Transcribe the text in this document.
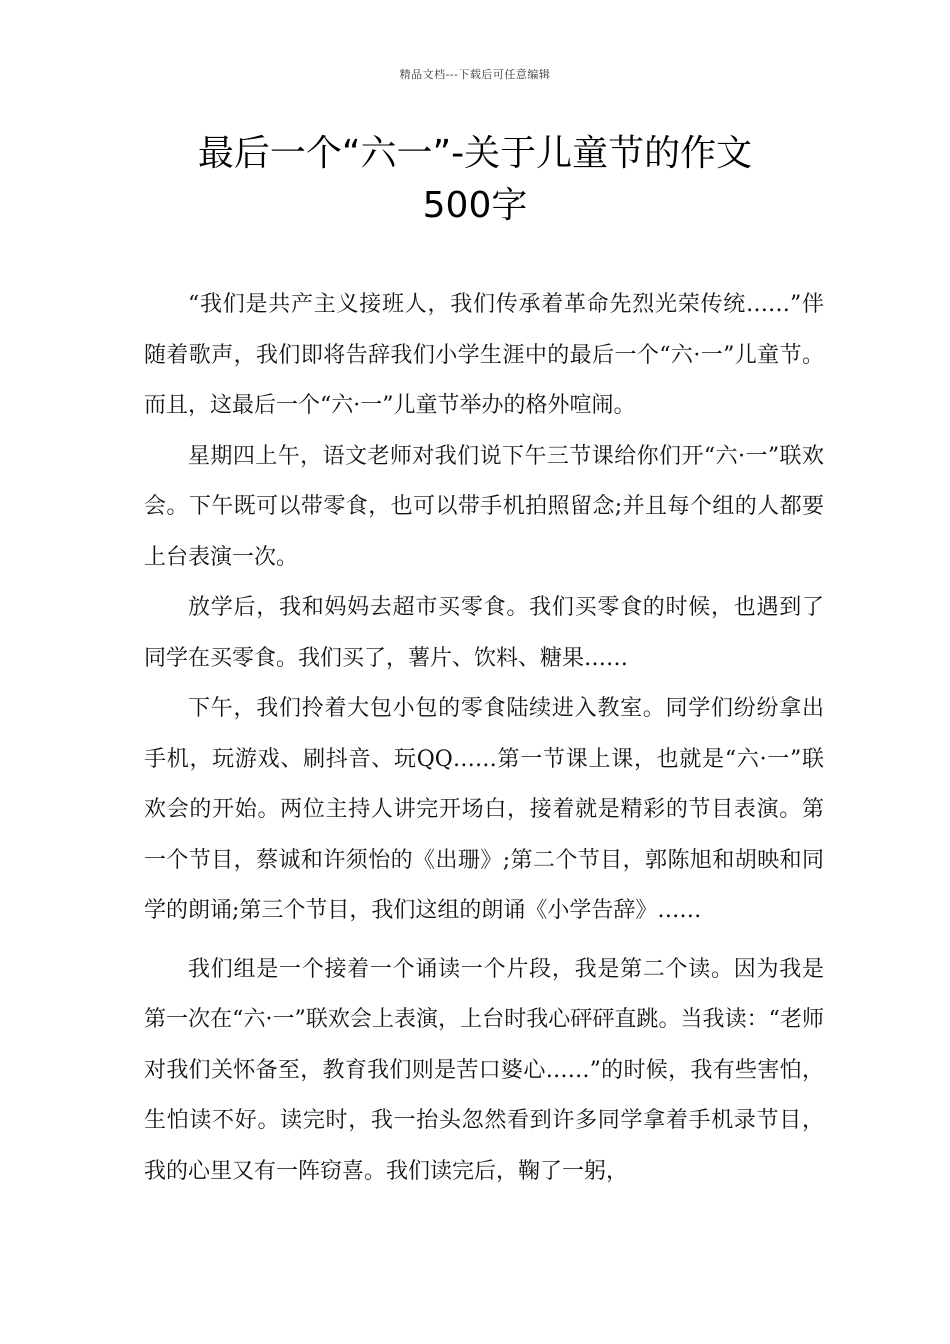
精品文档---下载后可任意编辑
最后一个“六一”-关于儿童节的作文
500字

“我们是共产主义接班人，我们传承着革命先烈光荣传统……”伴随着歌声，我们即将告辞我们小学生涯中的最后一个“六·一”儿童节。而且，这最后一个“六·一”儿童节举办的格外喧闹。

星期四上午，语文老师对我们说下午三节课给你们开“六·一”联欢会。下午既可以带零食，也可以带手机拍照留念;并且每个组的人都要上台表演一次。

放学后，我和妈妈去超市买零食。我们买零食的时候，也遇到了同学在买零食。我们买了，薯片、饮料、糖果……

下午，我们拎着大包小包的零食陆续进入教室。同学们纷纷拿出手机，玩游戏、刷抖音、玩QQ……第一节课上课，也就是“六·一”联欢会的开始。两位主持人讲完开场白，接着就是精彩的节目表演。第一个节目，蔡诚和许须怡的《出珊》;第二个节目，郭陈旭和胡映和同学的朗诵;第三个节目，我们这组的朗诵《小学告辞》……

我们组是一个接着一个诵读一个片段，我是第二个读。因为我是第一次在“六·一”联欢会上表演，上台时我心砰砰直跳。当我读：“老师对我们关怀备至，教育我们则是苦口婆心……”的时候，我有些害怕，生怕读不好。读完时，我一抬头忽然看到许多同学拿着手机录节目，我的心里又有一阵窃喜。我们读完后，鞠了一躬，
